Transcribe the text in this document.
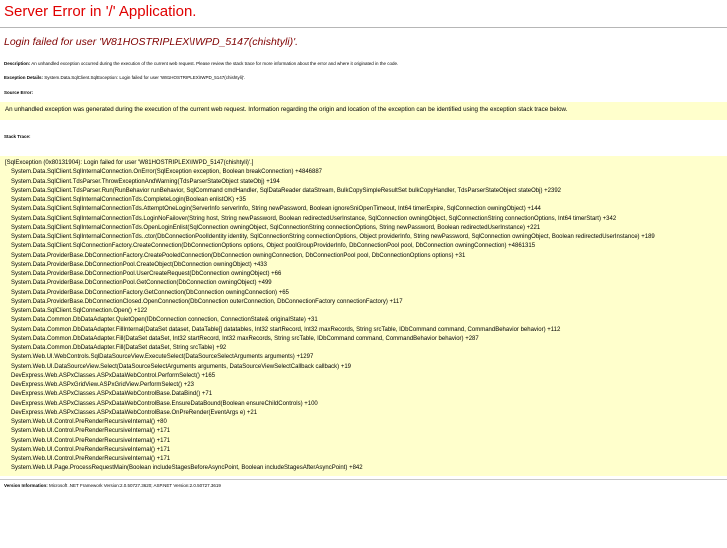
Server Error in '/' Application.
Login failed for user 'W81HOSTRIPLEX\IWPD_5147(chishtyli)'.

Description: An unhandled exception occurred during the execution of the current web request. Please review the stack trace for more information about the error and where it originated in the code.

Exception Details: System.Data.SqlClient.SqlException: Login failed for user 'W81HOSTRIPLEX\IWPD_5147(chishtyli)'.

Source Error:

An unhandled exception was generated during the execution of the current web request. Information regarding the origin and location of the exception can be identified using the exception stack trace below.

Stack Trace:

[SqlException (0x80131904): Login failed for user 'W81HOSTRIPLEX\IWPD_5147(chishtyli)'.]
System.Data.SqlClient.SqlInternalConnection.OnError(SqlException exception, Boolean breakConnection) +4846887
System.Data.SqlClient.TdsParser.ThrowExceptionAndWarning(TdsParserStateObject stateObj) +194
System.Data.SqlClient.TdsParser.Run(RunBehavior runBehavior, SqlCommand cmdHandler, SqlDataReader dataStream, BulkCopySimpleResultSet bulkCopyHandler, TdsParserStateObject stateObj) +2392
System.Data.SqlClient.SqlInternalConnectionTds.CompleteLogin(Boolean enlistOK) +35
System.Data.SqlClient.SqlInternalConnectionTds.AttemptOneLogin(ServerInfo serverInfo, String newPassword, Boolean ignoreSniOpenTimeout, Int64 timerExpire, SqlConnection owningObject) +144
System.Data.SqlClient.SqlInternalConnectionTds.LoginNoFailover(String host, String newPassword, Boolean redirectedUserInstance, SqlConnection owningObject, SqlConnectionString connectionOptions, Int64 timerStart) +342
System.Data.SqlClient.SqlInternalConnectionTds.OpenLoginEnlist(SqlConnection owningObject, SqlConnectionString connectionOptions, String newPassword, Boolean redirectedUserInstance) +221
System.Data.SqlClient.SqlInternalConnectionTds..ctor(DbConnectionPoolIdentity identity, SqlConnectionString connectionOptions, Object providerInfo, String newPassword, SqlConnection owningObject, Boolean redirectedUserInstance) +189
System.Data.SqlClient.SqlConnectionFactory.CreateConnection(DbConnectionOptions options, Object poolGroupProviderInfo, DbConnectionPool pool, DbConnection owningConnection) +4861315
System.Data.ProviderBase.DbConnectionFactory.CreatePooledConnection(DbConnection owningConnection, DbConnectionPool pool, DbConnectionOptions options) +31
System.Data.ProviderBase.DbConnectionPool.CreateObject(DbConnection owningObject) +433
System.Data.ProviderBase.DbConnectionPool.UserCreateRequest(DbConnection owningObject) +66
System.Data.ProviderBase.DbConnectionPool.GetConnection(DbConnection owningObject) +499
System.Data.ProviderBase.DbConnectionFactory.GetConnection(DbConnection owningConnection) +65
System.Data.ProviderBase.DbConnectionClosed.OpenConnection(DbConnection outerConnection, DbConnectionFactory connectionFactory) +117
System.Data.SqlClient.SqlConnection.Open() +122
System.Data.Common.DbDataAdapter.QuietOpen(IDbConnection connection, ConnectionState& originalState) +31
System.Data.Common.DbDataAdapter.FillInternal(DataSet dataset, DataTable[] datatables, Int32 startRecord, Int32 maxRecords, String srcTable, IDbCommand command, CommandBehavior behavior) +112
System.Data.Common.DbDataAdapter.Fill(DataSet dataSet, Int32 startRecord, Int32 maxRecords, String srcTable, IDbCommand command, CommandBehavior behavior) +287
System.Data.Common.DbDataAdapter.Fill(DataSet dataSet, String srcTable) +92
System.Web.UI.WebControls.SqlDataSourceView.ExecuteSelect(DataSourceSelectArguments arguments) +1297
System.Web.UI.DataSourceView.Select(DataSourceSelectArguments arguments, DataSourceViewSelectCallback callback) +19
DevExpress.Web.ASPxClasses.ASPxDataWebControl.PerformSelect() +165
DevExpress.Web.ASPxGridView.ASPxGridView.PerformSelect() +23
DevExpress.Web.ASPxClasses.ASPxDataWebControlBase.DataBind() +71
DevExpress.Web.ASPxClasses.ASPxDataWebControlBase.EnsureDataBound(Boolean ensureChildControls) +100
DevExpress.Web.ASPxClasses.ASPxDataWebControlBase.OnPreRender(EventArgs e) +21
System.Web.UI.Control.PreRenderRecursiveInternal() +80
System.Web.UI.Control.PreRenderRecursiveInternal() +171
System.Web.UI.Control.PreRenderRecursiveInternal() +171
System.Web.UI.Control.PreRenderRecursiveInternal() +171
System.Web.UI.Control.PreRenderRecursiveInternal() +171
System.Web.UI.Page.ProcessRequestMain(Boolean includeStagesBeforeAsyncPoint, Boolean includeStagesAfterAsyncPoint) +842

Version Information: Microsoft .NET Framework Version:2.0.50727.3620; ASP.NET Version:2.0.50727.3619
